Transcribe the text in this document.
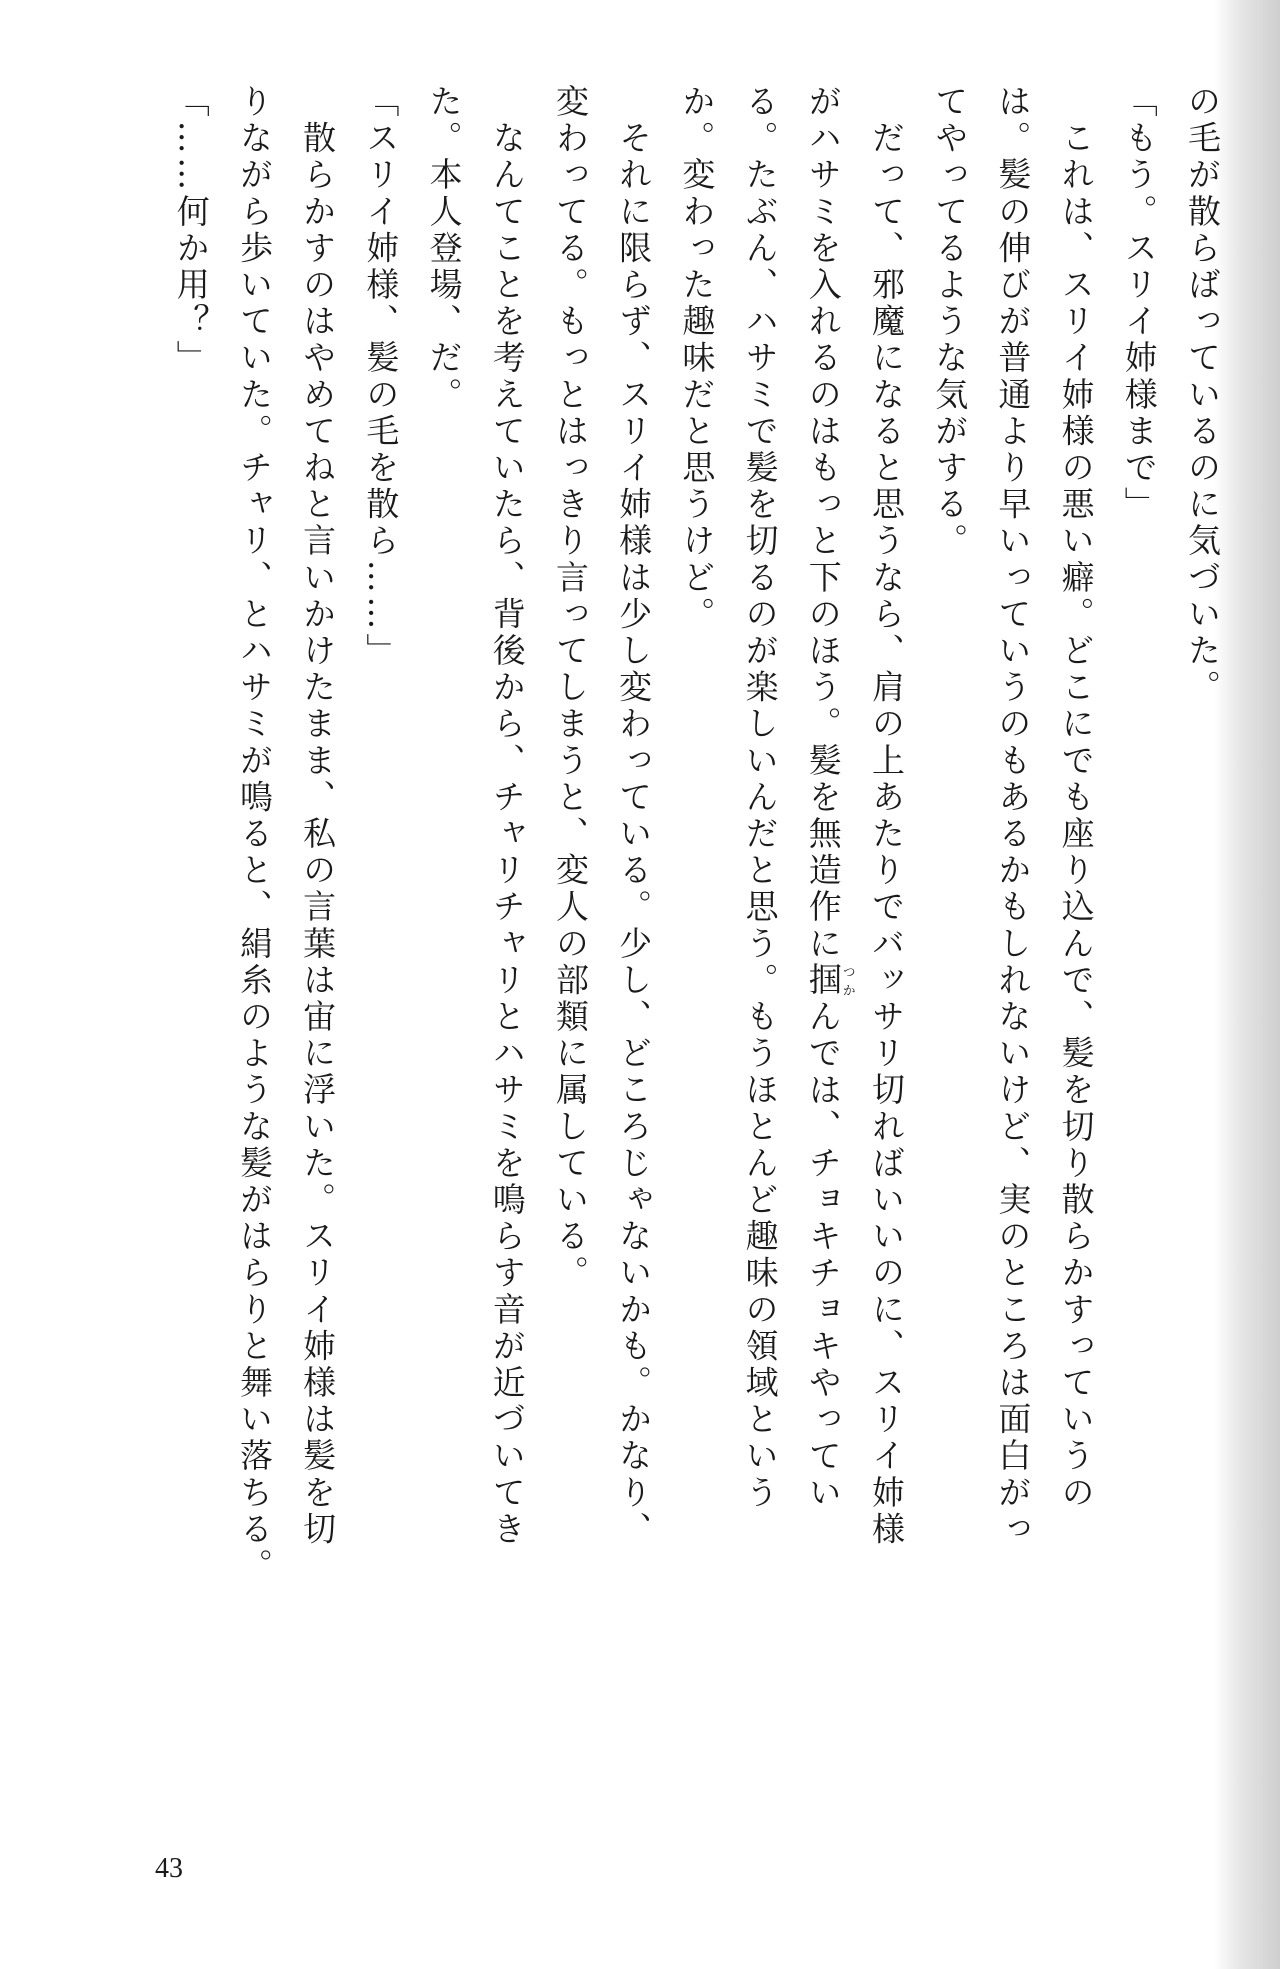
の毛が散らばっているのに気づいた。
「もう。スリイ姉様まで」
　これは、スリイ姉様の悪い癖。どこにでも座り込んで、髪を切り散らかすっていうの
は。髪の伸びが普通より早いっていうのもあるかもしれないけど、実のところは面白がっ
てやってるような気がする。
　だって、邪魔になると思うなら、肩の上あたりでバッサリ切ればいいのに、スリイ姉様
がハサミを入れるのはもっと下のほう。髪を無造作に掴つかんでは、チョキチョキやってい
る。たぶん、ハサミで髪を切るのが楽しいんだと思う。もうほとんど趣味の領域という
か。変わった趣味だと思うけど。
　それに限らず、スリイ姉様は少し変わっている。少し、どころじゃないかも。かなり、
変わってる。もっとはっきり言ってしまうと、変人の部類に属している。
　なんてことを考えていたら、背後から、チャリチャリとハサミを鳴らす音が近づいてき
た。本人登場、だ。
「スリイ姉様、髪の毛を散ら……」
　散らかすのはやめてねと言いかけたまま、私の言葉は宙に浮いた。スリイ姉様は髪を切
りながら歩いていた。チャリ、とハサミが鳴ると、絹糸のような髪がはらりと舞い落ちる。
「……何か用？」
43
